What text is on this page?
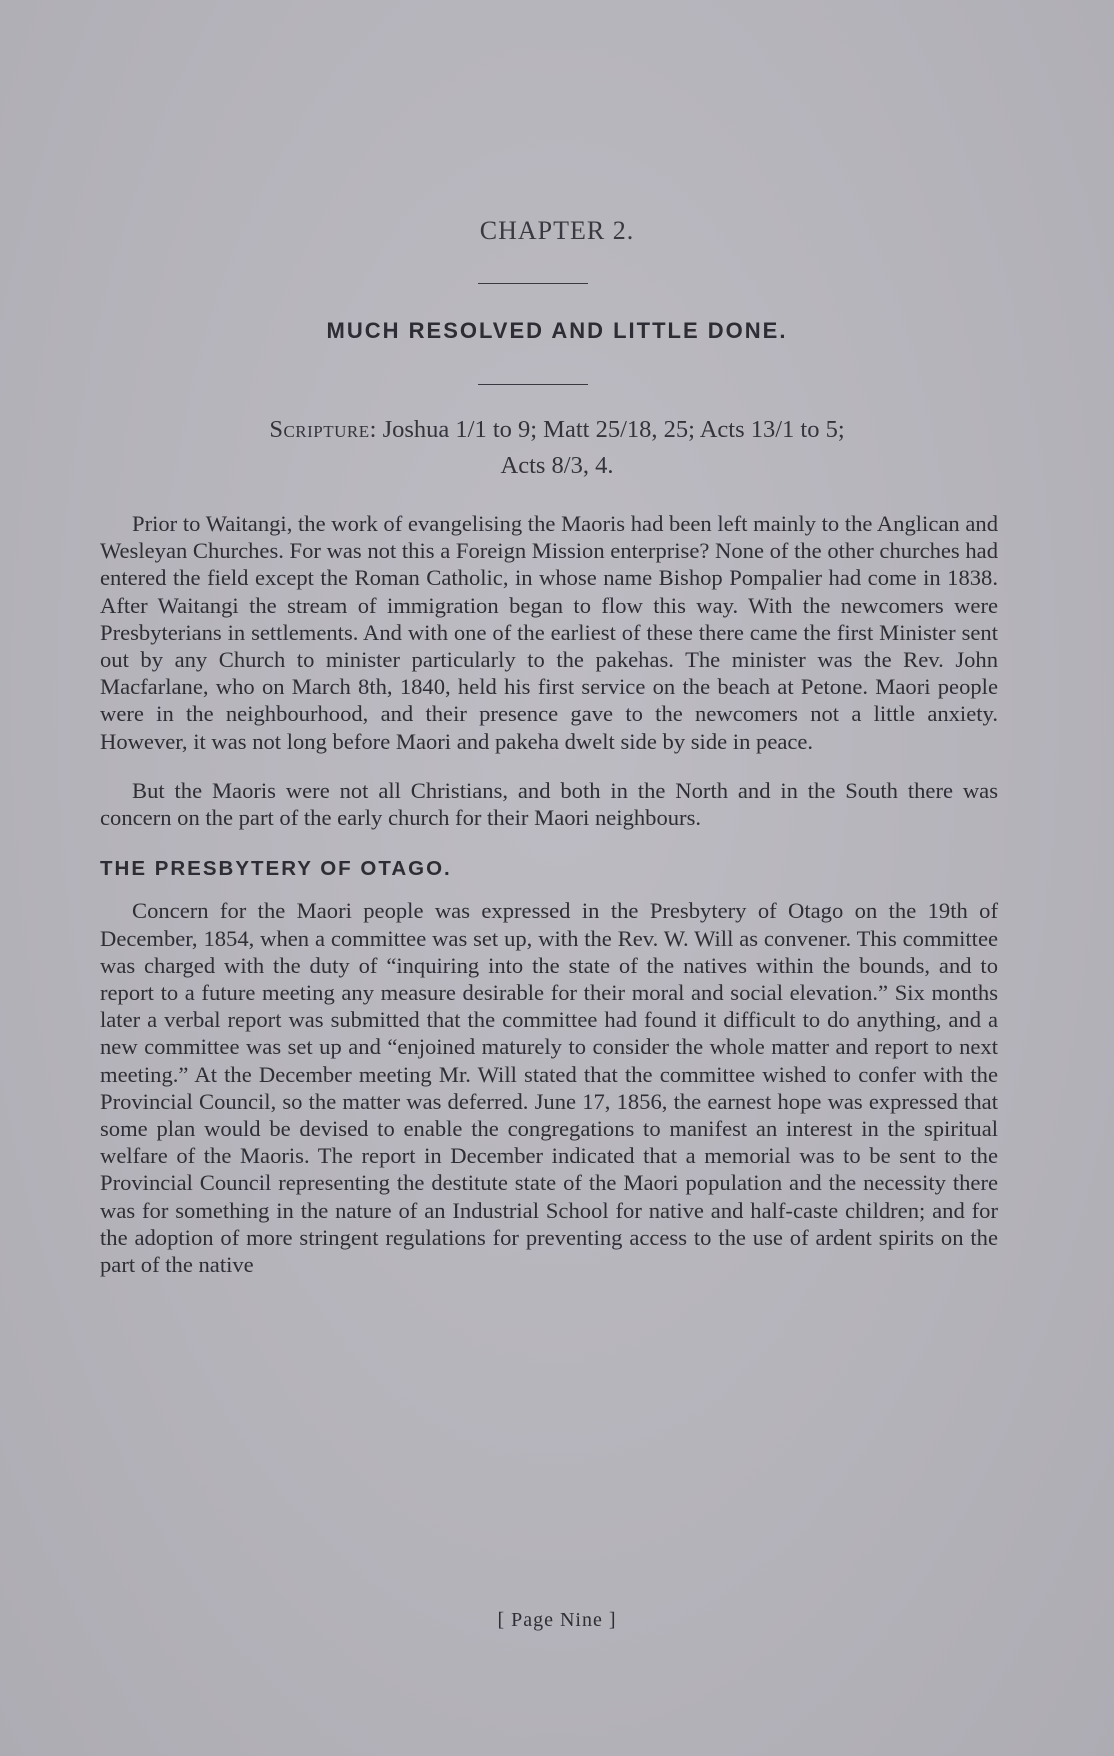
CHAPTER 2.
MUCH RESOLVED AND LITTLE DONE.
Scripture: Joshua 1/1 to 9; Matt 25/18, 25; Acts 13/1 to 5;
Acts 8/3, 4.

Prior to Waitangi, the work of evangelising the Maoris had been left mainly to the Anglican and Wesleyan Churches. For was not this a Foreign Mission enterprise? None of the other churches had entered the field except the Roman Catholic, in whose name Bishop Pompalier had come in 1838. After Waitangi the stream of immigration began to flow this way. With the newcomers were Presbyterians in settlements. And with one of the earliest of these there came the first Minister sent out by any Church to minister particularly to the pakehas. The minister was the Rev. John Macfarlane, who on March 8th, 1840, held his first service on the beach at Petone. Maori people were in the neighbourhood, and their presence gave to the newcomers not a little anxiety. However, it was not long before Maori and pakeha dwelt side by side in peace.

But the Maoris were not all Christians, and both in the North and in the South there was concern on the part of the early church for their Maori neighbours.

THE PRESBYTERY OF OTAGO.

Concern for the Maori people was expressed in the Presbytery of Otago on the 19th of December, 1854, when a committee was set up, with the Rev. W. Will as convener. This committee was charged with the duty of “inquiring into the state of the natives within the bounds, and to report to a future meeting any measure desirable for their moral and social elevation.” Six months later a verbal report was submitted that the committee had found it difficult to do anything, and a new committee was set up and “enjoined maturely to consider the whole matter and report to next meeting.” At the December meeting Mr. Will stated that the committee wished to confer with the Provincial Council, so the matter was deferred. June 17, 1856, the earnest hope was expressed that some plan would be devised to enable the congregations to manifest an interest in the spiritual welfare of the Maoris. The report in December indicated that a memorial was to be sent to the Provincial Council representing the destitute state of the Maori population and the necessity there was for something in the nature of an Industrial School for native and half-caste children; and for the adoption of more stringent regulations for preventing access to the use of ardent spirits on the part of the native

[ Page Nine ]
